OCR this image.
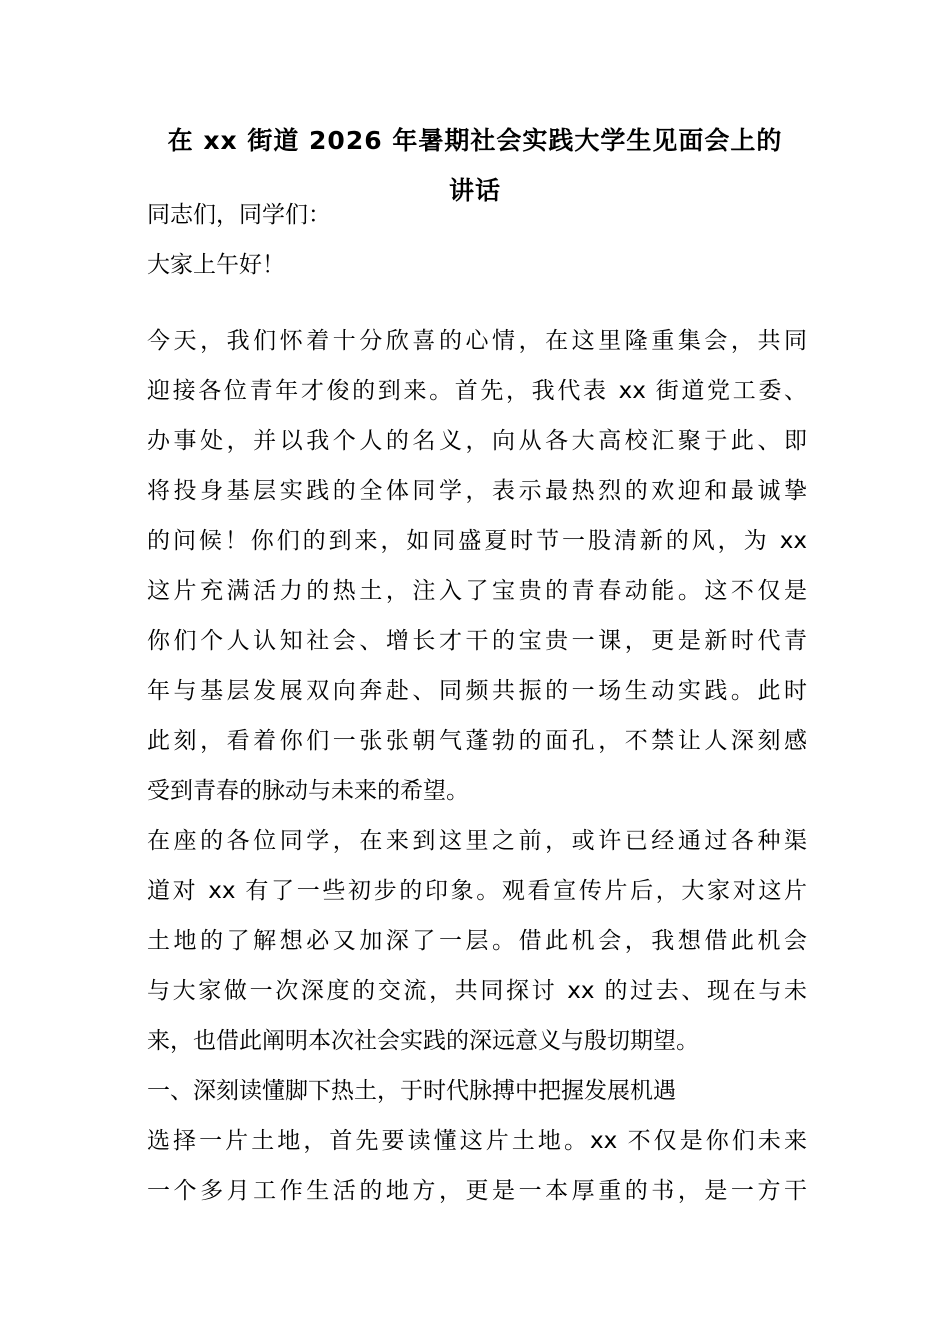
在 xx 街道 2026 年暑期社会实践大学生见面会上的
讲话
同志们，同学们：
大家上午好！
今天，我们怀着十分欣喜的心情，在这里隆重集会，共同
迎接各位青年才俊的到来。首先，我代表 xx 街道党工委、
办事处，并以我个人的名义，向从各大高校汇聚于此、即
将投身基层实践的全体同学，表示最热烈的欢迎和最诚挚
的问候！你们的到来，如同盛夏时节一股清新的风，为 xx
这片充满活力的热土，注入了宝贵的青春动能。这不仅是
你们个人认知社会、增长才干的宝贵一课，更是新时代青
年与基层发展双向奔赴、同频共振的一场生动实践。此时
此刻，看着你们一张张朝气蓬勃的面孔，不禁让人深刻感
受到青春的脉动与未来的希望。
在座的各位同学，在来到这里之前，或许已经通过各种渠
道对 xx 有了一些初步的印象。观看宣传片后，大家对这片
土地的了解想必又加深了一层。借此机会，我想借此机会
与大家做一次深度的交流，共同探讨 xx 的过去、现在与未
来，也借此阐明本次社会实践的深远意义与殷切期望。
一、深刻读懂脚下热土，于时代脉搏中把握发展机遇
选择一片土地，首先要读懂这片土地。xx 不仅是你们未来
一个多月工作生活的地方，更是一本厚重的书，是一方干
